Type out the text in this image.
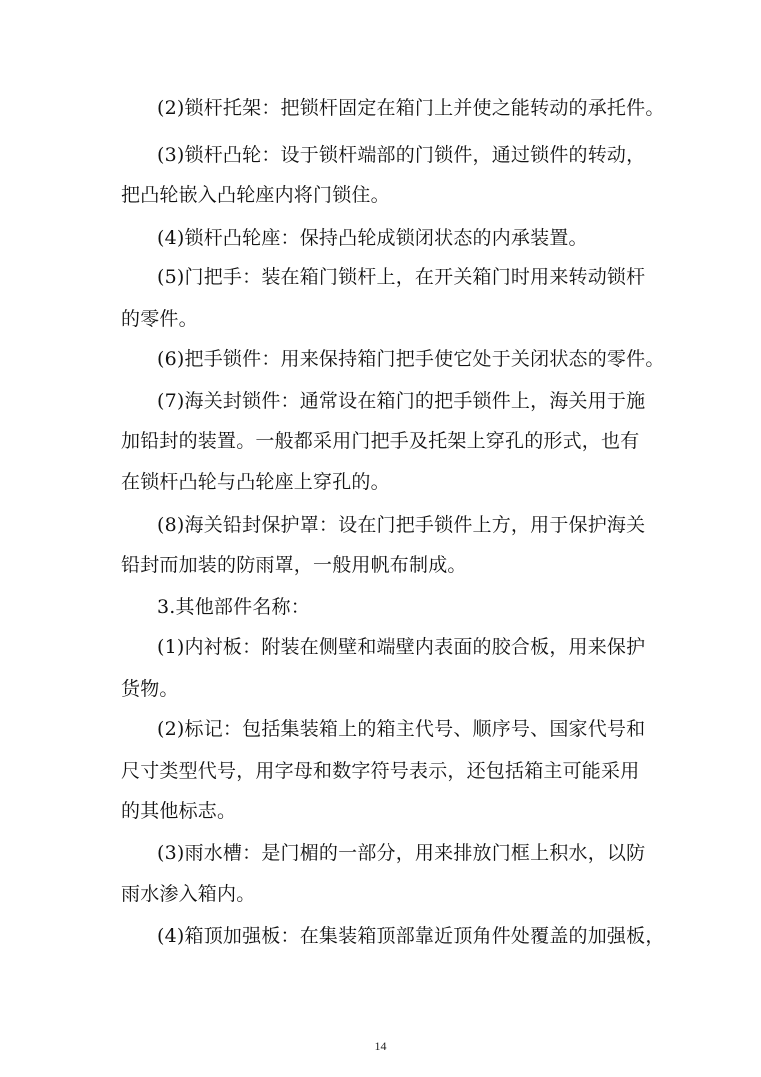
(2)锁杆托架：把锁杆固定在箱门上并使之能转动的承托件。
(3)锁杆凸轮：设于锁杆端部的门锁件，通过锁件的转动，
把凸轮嵌入凸轮座内将门锁住。
(4)锁杆凸轮座：保持凸轮成锁闭状态的内承装置。
(5)门把手：装在箱门锁杆上，在开关箱门时用来转动锁杆
的零件。
(6)把手锁件：用来保持箱门把手使它处于关闭状态的零件。
(7)海关封锁件：通常设在箱门的把手锁件上，海关用于施
加铅封的装置。一般都采用门把手及托架上穿孔的形式，也有
在锁杆凸轮与凸轮座上穿孔的。
(8)海关铅封保护罩：设在门把手锁件上方，用于保护海关
铅封而加装的防雨罩，一般用帆布制成。
3.其他部件名称：
(1)内衬板：附装在侧壁和端壁内表面的胶合板，用来保护
货物。
(2)标记：包括集装箱上的箱主代号、顺序号、国家代号和
尺寸类型代号，用字母和数字符号表示，还包括箱主可能采用
的其他标志。
(3)雨水槽：是门楣的一部分，用来排放门框上积水，以防
雨水渗入箱内。
(4)箱顶加强板：在集装箱顶部靠近顶角件处覆盖的加强板，
14
